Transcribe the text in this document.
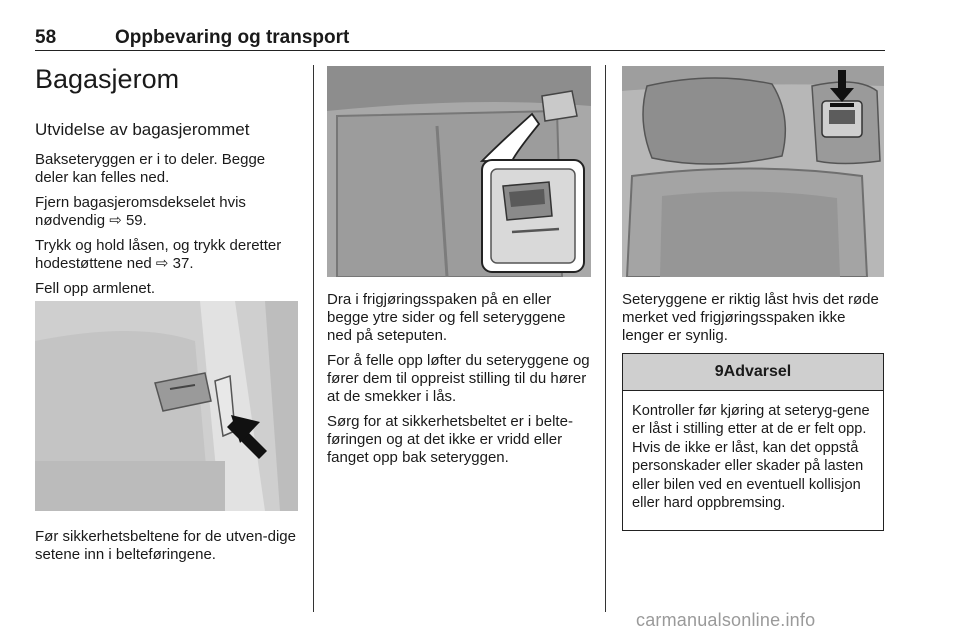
58	Oppbevaring og transport
Bagasjerom
Utvidelse av bagasjerommet

Bakseteryggen er i to deler. Begge deler kan felles ned.

Fjern bagasjeromsdekselet hvis nødvendig ⇨ 59.

Trykk og hold låsen, og trykk deretter hodestøttene ned ⇨ 37.

Fell opp armlenet.

Før sikkerhetsbeltene for de utven-dige setene inn i belteføringene.

Dra i frigjøringsspaken på en eller begge ytre sider og fell seteryggene ned på seteputen.

For å felle opp løfter du seteryggene og fører dem til oppreist stilling til du hører at de smekker i lås.

Sørg for at sikkerhetsbeltet er i belte-føringen og at det ikke er vridd eller fanget opp bak seteryggen.

Seteryggene er riktig låst hvis det røde merket ved frigjøringsspaken ikke lenger er synlig.

9Advarsel

Kontroller før kjøring at seteryg-gene er låst i stilling etter at de er felt opp. Hvis de ikke er låst, kan det oppstå personskader eller skader på lasten eller bilen ved en eventuell kollisjon eller hard oppbremsing.

carmanualsonline.info
